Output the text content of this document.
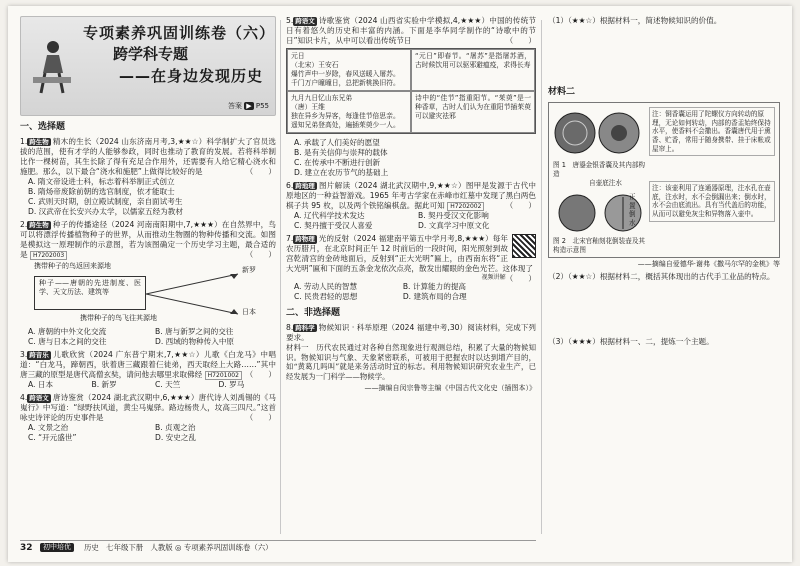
专项素养巩固训练卷（六）
跨学科专题
——在身边发现历史
答案 ▶ P55
一、选择题
1. 跨生物 精木的生长（2024 山东济南月考,3,★★☆）科学制扩大了官员选拔的范围，使有才学的人能够参政，同时也推动了教育的发展。若将科举制比作一棵树苗，其生长除了得有充足合作用外，还需要有人给它精心浇水和施肥。那么，以下最合“浇水和施肥”上做得比较好的是	（　　）
A. 隋文帝设进士科，标志着科举制正式创立
B. 隋炀帝废除前朝的选官制度，依才能取士
C. 武则天时期，创立殿试制度，亲自面试考生
D. 汉武帝在长安兴办太学，以儒家五经为教材
2. 跨生物 种子的传播途径（2024 河南南阳期中,7,★★★）在自然界中，鸟可以将漂浮传播植物种子的世界，从而推动生物圈的物种传播和交流。如图是模拟这一原理制作的示意图，若为该图确定一个历史学习主题，最合适的是 H7202003	（　　）
携带种子的鸟返回来源地	新罗
日本
种子——唐朝的先进制度、医学、天文历法、建筑等
携带种子的鸟飞往其源地
A. 唐朝的中外文化交流	B. 唐与新罗之间的交往
C. 唐与日本之间的交往	D. 西域的物种传入中原
3. 跨音乐 儿歌欣赏（2024 广东普宁期末,7,★★☆）儿歌《白龙马》中唱道：“白龙马，蹄朝西，驮着唐三藏跟着仨徒弟，西天取经上大路……”其中唐三藏的原型是唐代高僧玄奘，请问他去哪里求取佛经 H7201002 （　　）
A. 日本	B. 新罗	C. 天竺	D. 罗马
4. 跨语文 唐诗鉴赏（2024 湖北武汉期中,6,★★★）唐代诗人刘禹锡的《马嵬行》中写道：“绿野扶风道，黄尘马嵬驿。路边杨贵人，坟高三四尺。”这首咏史诗评论的历史事件是	（　　）
A. 文景之治	B. 贞观之治
C. “开元盛世”	D. 安史之乱
5. 跨语文 诗歌鉴赏（2024 山西省实验中学模拟,4,★★★）中国的传统节日有着悠久的历史和丰富的内涵。下面是李华同学制作的“诗歌中的节日”知识卡片，从中可以看出传统节日	（　　）
元日
（北宋）王安石
爆竹声中一岁除，春风送暖入屠苏。
千门万户曈曈日，总把新桃换旧符。
“元日”即春节。“屠苏”是指屠苏酒，古时候饮用可以驱邪避瘟疫，求得长寿
九月九日忆山东兄弟
（唐）王维
独在异乡为异客，每逢佳节倍思亲。
遥知兄弟登高处，遍插茱萸少一人。
诗中的“佳节”指重阳节。“茱萸”是一种香草，古时人们认为在重阳节插茱萸可以避灾祛邪
A. 承载了人们美好的愿望
B. 是有关信仰与崇拜的载体
C. 在传承中不断进行创新
D. 建立在农历节气的基础上
6. 跨地理 图片解读（2024 湖北武汉期中,9,★★☆）图甲是发源于古代中原地区的一种益智游戏。1965 年考古学家在赤峰市红墓中发现了黑白两色棋子共 95 枚，以及两个铁铭编棋盘。据此可知 H7202002	（　　）
A. 辽代科学技术发达	B. 契丹受汉文化影响
C. 契丹擅于受汉人喜爱	D. 文真学习中原文化
7. 跨物理 光的反射（2024 福建南平第五中学月考,8,★★★）每年农历腊月，在北京时间正午 12 时前后的一段时间，阳光照射到故宫乾清宫的金砖地面后，反射到“正大光明”匾上，由西南东将“正大光明”匾和下面的五条金龙依次点亮，散发出耀眼的金色光芒。这体现了
（　　）
视频讲解
A. 劳动人民的智慧	B. 计算能力的提高
C. 民贵君轻的思想	D. 建筑布局的合理
二、非选择题
8. 跨科学 物候知识 · 科举原理（2024 福建中考,30）阅读材料，完成下列要求。
材料一　历代农民通过对各种自然现象进行观测总结，积累了大量的物候知识。物候知识与气象、天象紧密联系，可被用于把握农时以达到增产目的，如“黄葛几吗叫”就是来务活动时宜的标志。利用物候知识研究农业生产，已经发展为一门科学——物候学。
——摘编自闵宗鲁等主编《中国古代文化史（插图本）》
（1）（★★☆）根据材料一，简述物候知识的价值。
材料二
图 1　唐鎏金银香囊及其内部构造
注：铜香囊运用了陀螺仪方向转动的原理，无论如何转动，内部的香盂始终保持水平，使香料不会撒出。香囊唐代用于熏香、贮香，常用于随身携带、挂于床帐或屋帘上。
自壶底注水
正置倒水
图 2　北宋官釉刻花倒装壶及其构造示意图
注：该壶利用了连通器原理，注水孔在壶底，注水时，水不会倒漏出来；倒水时，水不会由底流出。具有当代盖后的功能，从而可以避免灰尘和异物落入壶中。
——摘编自爱德华·谢弗《撒马尔罕的金桃》等
（2）（★★☆）根据材料二，概括其体现出的古代手工业品的特点。
（3）（★★★）根据材料一、二，提炼一个主题。
32	初中培优	历史　七年级下册　人教版 ◎ 专项素养巩固训练卷（六）
